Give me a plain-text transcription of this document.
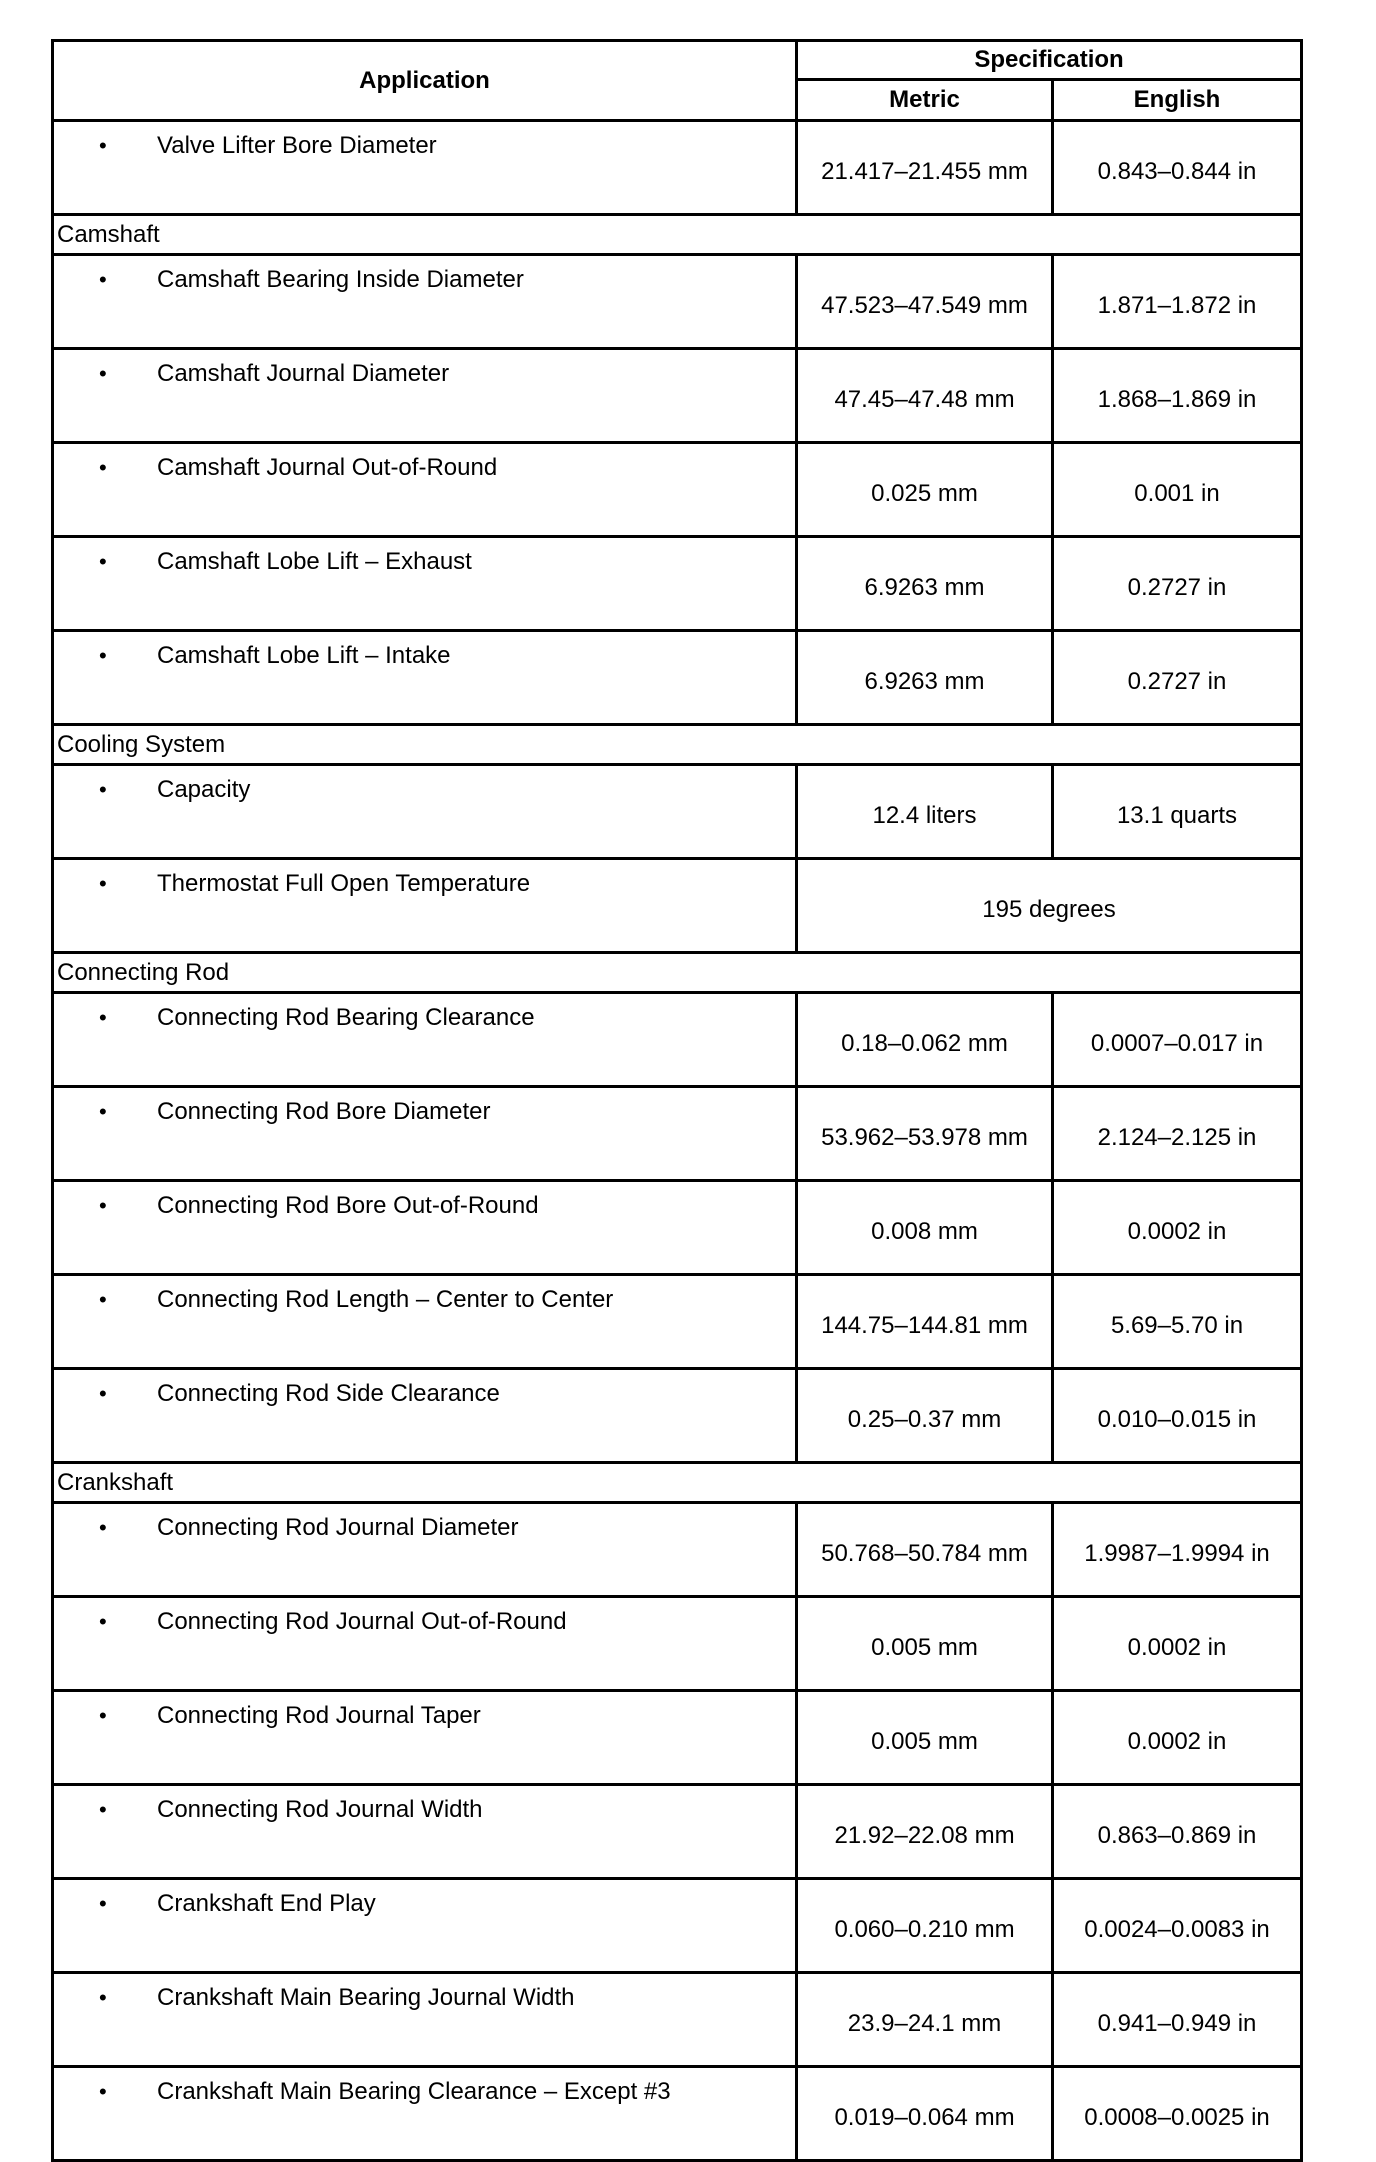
Application	Specification	
	Metric	English
• Valve Lifter Bore Diameter	21.417–21.455 mm	0.843–0.844 in
Camshaft		
• Camshaft Bearing Inside Diameter	47.523–47.549 mm	1.871–1.872 in
• Camshaft Journal Diameter	47.45–47.48 mm	1.868–1.869 in
• Camshaft Journal Out-of-Round	0.025 mm	0.001 in
• Camshaft Lobe Lift – Exhaust	6.9263 mm	0.2727 in
• Camshaft Lobe Lift – Intake	6.9263 mm	0.2727 in
Cooling System		
• Capacity	12.4 liters	13.1 quarts
• Thermostat Full Open Temperature	195 degrees	
Connecting Rod		
• Connecting Rod Bearing Clearance	0.18–0.062 mm	0.0007–0.017 in
• Connecting Rod Bore Diameter	53.962–53.978 mm	2.124–2.125 in
• Connecting Rod Bore Out-of-Round	0.008 mm	0.0002 in
• Connecting Rod Length – Center to Center	144.75–144.81 mm	5.69–5.70 in
• Connecting Rod Side Clearance	0.25–0.37 mm	0.010–0.015 in
Crankshaft		
• Connecting Rod Journal Diameter	50.768–50.784 mm	1.9987–1.9994 in
• Connecting Rod Journal Out-of-Round	0.005 mm	0.0002 in
• Connecting Rod Journal Taper	0.005 mm	0.0002 in
• Connecting Rod Journal Width	21.92–22.08 mm	0.863–0.869 in
• Crankshaft End Play	0.060–0.210 mm	0.0024–0.0083 in
• Crankshaft Main Bearing Journal Width	23.9–24.1 mm	0.941–0.949 in
• Crankshaft Main Bearing Clearance – Except #3	0.019–0.064 mm	0.0008–0.0025 in
